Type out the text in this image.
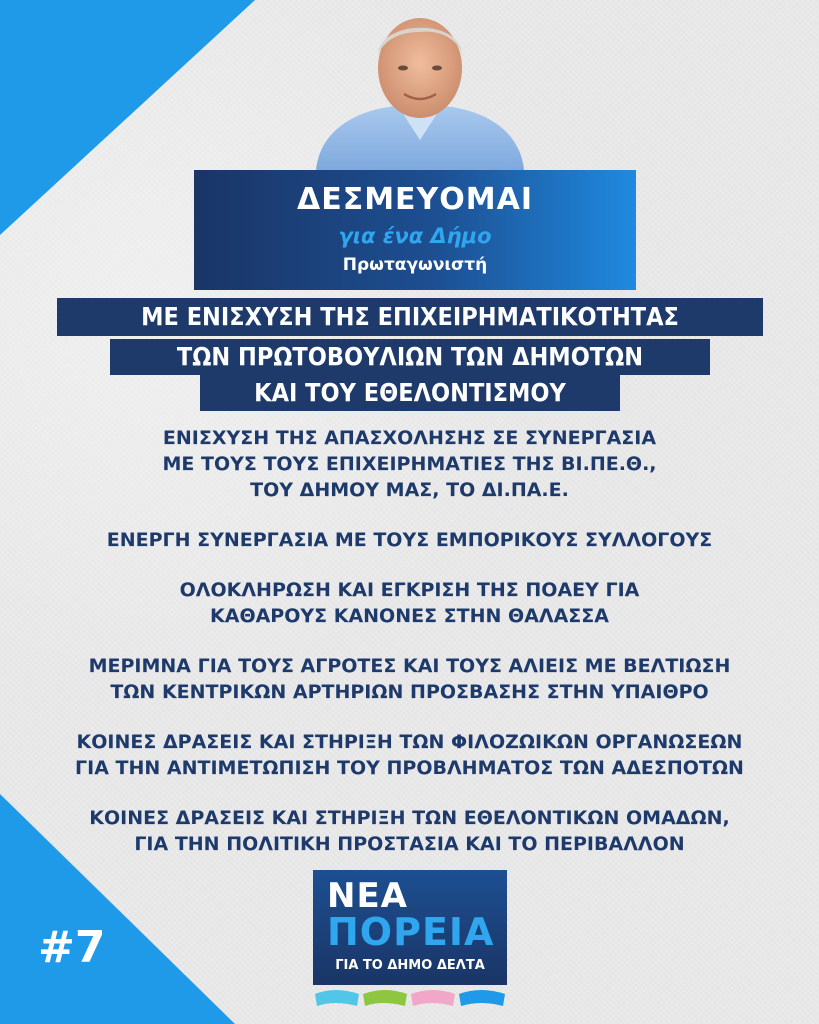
ΔΕΣΜΕΥΟΜΑΙ
για ένα Δήμο
Πρωταγωνιστή
ΜΕ ΕΝΙΣΧΥΣΗ ΤΗΣ ΕΠΙΧΕΙΡΗΜΑΤΙΚΟΤΗΤΑΣ
ΤΩΝ ΠΡΩΤΟΒΟΥΛΙΩΝ ΤΩΝ ΔΗΜΟΤΩΝ
ΚΑΙ ΤΟΥ ΕΘΕΛΟΝΤΙΣΜΟΥ
ΕΝΙΣΧΥΣΗ ΤΗΣ ΑΠΑΣΧΟΛΗΣΗΣ ΣΕ ΣΥΝΕΡΓΑΣΙΑ
ΜΕ ΤΟΥΣ ΤΟΥΣ ΕΠΙΧΕΙΡΗΜΑΤΙΕΣ ΤΗΣ ΒΙ.ΠΕ.Θ.,
ΤΟΥ ΔΗΜΟΥ ΜΑΣ, ΤΟ ΔΙ.ΠΑ.Ε.
ΕΝΕΡΓΗ ΣΥΝΕΡΓΑΣΙΑ ΜΕ ΤΟΥΣ ΕΜΠΟΡΙΚΟΥΣ ΣΥΛΛΟΓΟΥΣ
ΟΛΟΚΛΗΡΩΣΗ ΚΑΙ ΕΓΚΡΙΣΗ ΤΗΣ ΠΟΑΕΥ ΓΙΑ
ΚΑΘΑΡΟΥΣ ΚΑΝΟΝΕΣ ΣΤΗΝ ΘΑΛΑΣΣΑ
ΜΕΡΙΜΝΑ ΓΙΑ ΤΟΥΣ ΑΓΡΟΤΕΣ ΚΑΙ ΤΟΥΣ ΑΛΙΕΙΣ ΜΕ ΒΕΛΤΙΩΣΗ
ΤΩΝ ΚΕΝΤΡΙΚΩΝ ΑΡΤΗΡΙΩΝ ΠΡΟΣΒΑΣΗΣ ΣΤΗΝ ΥΠΑΙΘΡΟ
ΚΟΙΝΕΣ ΔΡΑΣΕΙΣ ΚΑΙ ΣΤΗΡΙΞΗ ΤΩΝ ΦΙΛΟΖΩΙΚΩΝ ΟΡΓΑΝΩΣΕΩΝ
ΓΙΑ ΤΗΝ ΑΝΤΙΜΕΤΩΠΙΣΗ ΤΟΥ ΠΡΟΒΛΗΜΑΤΟΣ ΤΩΝ ΑΔΕΣΠΟΤΩΝ
ΚΟΙΝΕΣ ΔΡΑΣΕΙΣ ΚΑΙ ΣΤΗΡΙΞΗ ΤΩΝ ΕΘΕΛΟΝΤΙΚΩΝ ΟΜΑΔΩΝ,
ΓΙΑ ΤΗΝ ΠΟΛΙΤΙΚΗ ΠΡΟΣΤΑΣΙΑ ΚΑΙ ΤΟ ΠΕΡΙΒΑΛΛΟΝ
#7
ΝΕΑ
ΠΟΡΕΙΑ
ΓΙΑ ΤΟ ΔΗΜΟ ΔΕΛΤΑ
